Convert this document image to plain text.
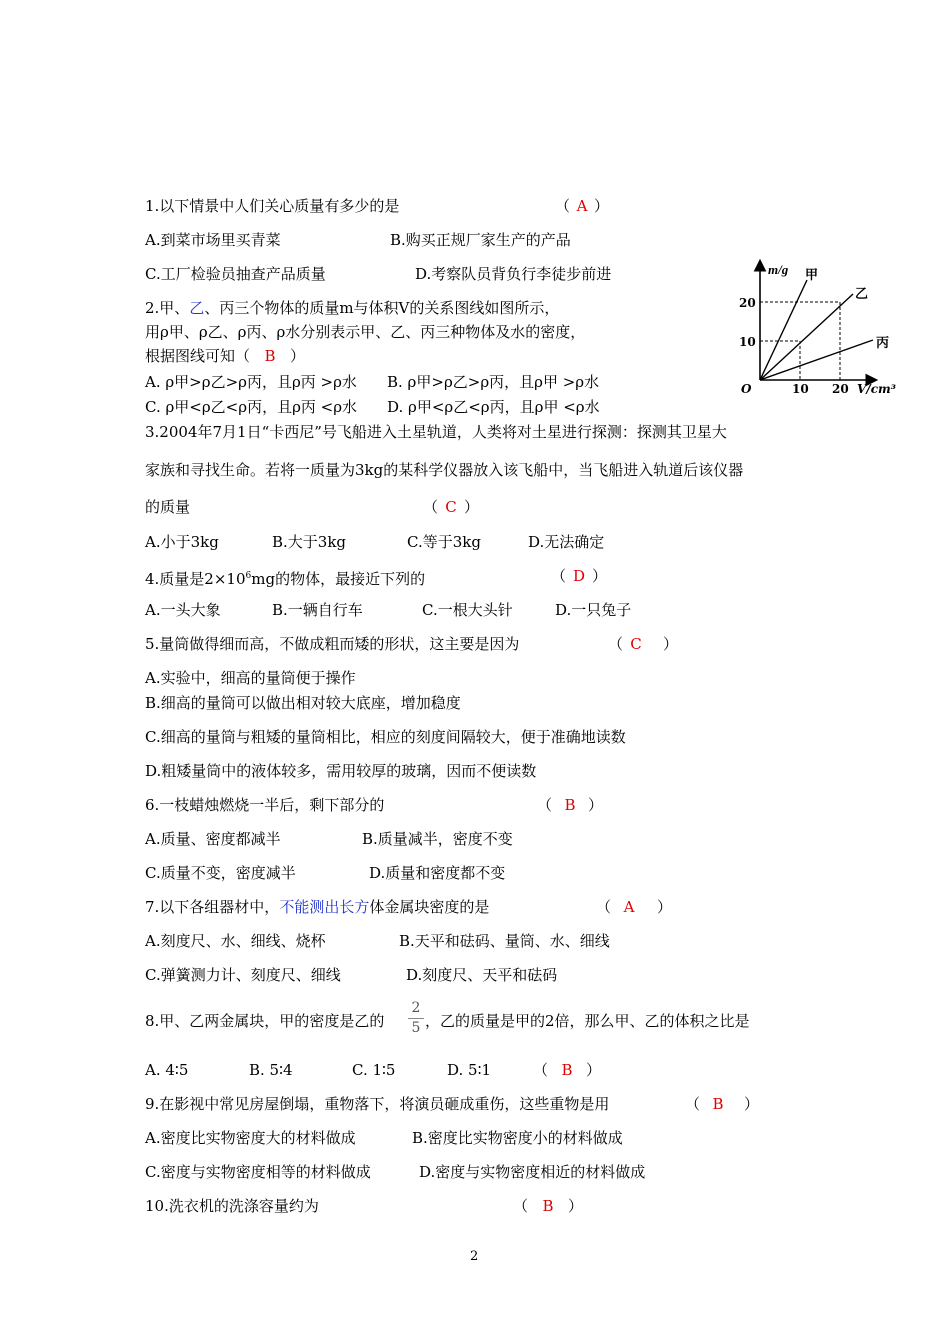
1.以下情景中人们关心质量有多少的是	（ A ）
A.到菜市场里买青菜	B.购买正规厂家生产的产品
C.工厂检验员抽查产品质量	D.考察队员背负行李徒步前进
2.甲、乙、丙三个物体的质量m与体积V的关系图线如图所示，
用ρ甲、ρ乙、ρ丙、ρ水分别表示甲、乙、丙三种物体及水的密度，
根据图线可知（ B ）
A. ρ甲>ρ乙>ρ丙，且ρ丙 >ρ水 B. ρ甲>ρ乙>ρ丙，且ρ甲 >ρ水
C. ρ甲<ρ乙<ρ丙，且ρ丙 <ρ水 D. ρ甲<ρ乙<ρ丙，且ρ甲 <ρ水
m/g 甲
乙
丙
20
10
O	10 20 V/cm³
3.2004年7月1日“卡西尼”号飞船进入土星轨道，人类将对土星进行探测：探测其卫星大
家族和寻找生命。若将一质量为3kg的某科学仪器放入该飞船中，当飞船进入轨道后该仪器
的质量	（ C ）
A.小于3kg	B.大于3kg	C.等于3kg	D.无法确定
4.质量是$2\times 10^6mg$的物体，最接近下列的	（ D ）
A.一头大象	B.一辆自行车	C.一根大头针	D.一只兔子
5.量筒做得细而高，不做成粗而矮的形状，这主要是因为	（ C ）
A.实验中，细高的量筒便于操作
B.细高的量筒可以做出相对较大底座，增加稳度
C.细高的量筒与粗矮的量筒相比，相应的刻度间隔较大，便于准确地读数
D.粗矮量筒中的液体较多，需用较厚的玻璃，因而不便读数
6.一枝蜡烛燃烧一半后，剩下部分的	（ B ）
A.质量、密度都减半	B.质量减半，密度不变
C.质量不变，密度减半	D.质量和密度都不变
7.以下各组器材中，不能测出长方体金属块密度的是	（ A ）
A.刻度尺、水、细线、烧杯	B.天平和砝码、量筒、水、细线
C.弹簧测力计、刻度尺、细线	D.刻度尺、天平和砝码
8.甲、乙两金属块，甲的密度是乙的
2
5 ，乙的质量是甲的2倍，那么甲、乙的体积之比是
A. 4∶5	B. 5∶4	C. 1∶5	D. 5∶1	（ B ）
9.在影视中常见房屋倒塌，重物落下，将演员砸成重伤，这些重物是用	（ B ）
A.密度比实物密度大的材料做成	B.密度比实物密度小的材料做成
C.密度与实物密度相等的材料做成	D.密度与实物密度相近的材料做成
10.洗衣机的洗涤容量约为	（ B ）
2
